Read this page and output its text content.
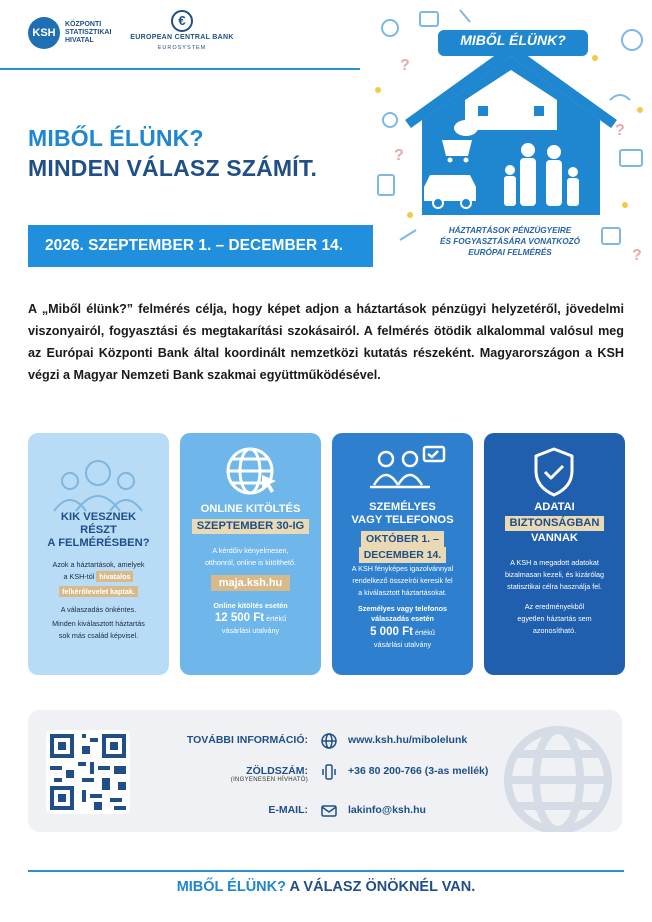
KSH
KÖZPONTI STATISZTIKAI HIVATAL
€
EUROPEAN CENTRAL BANK
EUROSYSTEM
?
?
?
?
MIBŐL ÉLÜNK?
HÁZTARTÁSOK PÉNZÜGYEIRE
ÉS FOGYASZTÁSÁRA VONATKOZÓ
EURÓPAI FELMÉRÉS
MIBŐL ÉLÜNK?
MINDEN VÁLASZ SZÁMÍT.
2026. SZEPTEMBER 1. – DECEMBER 14.
A „Miből élünk?” felmérés célja, hogy képet adjon a háztartások pénzügyi helyzetéről, jövedelmi viszonyairól, fogyasztási és megtakarítási szokásairól. A felmérés ötödik alkalommal valósul meg az Európai Központi Bank által koordinált nemzetközi kutatás részeként. Magyarországon a KSH végzi a Magyar Nemzeti Bank szakmai együttműködésével.
KIK VESZNEK
RÉSZT
A FELMÉRÉSBEN?
Azok a háztartások, amelyek
a KSH-tól hivatalos
felkérőlevelet kaptak.
A válaszadás önkéntes.
Minden kiválasztott háztartás
sok más család képvisel.
ONLINE KITÖLTÉS
SZEPTEMBER 30-IG
A kérdőív kényelmesen,
otthonról, online is kitölthető.
maja.ksh.hu
Online kitöltés esetén
12 500 Ft értékű
vásárlási utalvány
SZEMÉLYES
VAGY TELEFONOS
OKTÓBER 1. –
DECEMBER 14.
A KSH fényképes igazolvánnyal
rendelkező összeírói keresik fel
a kiválasztott háztartásokat.
Személyes vagy telefonos
válaszadás esetén
5 000 Ft értékű
vásárlási utalvány
ADATAI
BIZTONSÁGBAN
VANNAK
A KSH a megadott adatokat
bizalmasan kezeli, és kizárólag
statisztikai célra használja fel.
Az eredményekből
egyetlen háztartás sem
azonosítható.
TOVÁBBI INFORMÁCIÓ:	www.ksh.hu/mibolelunk
ZÖLDSZÁM:
(INGYENESEN HÍVHATÓ)
+36 80 200-766 (3-as mellék)
E-MAIL:	lakinfo@ksh.hu
MIBŐL ÉLÜNK? A VÁLASZ ÖNÖKNÉL VAN.
